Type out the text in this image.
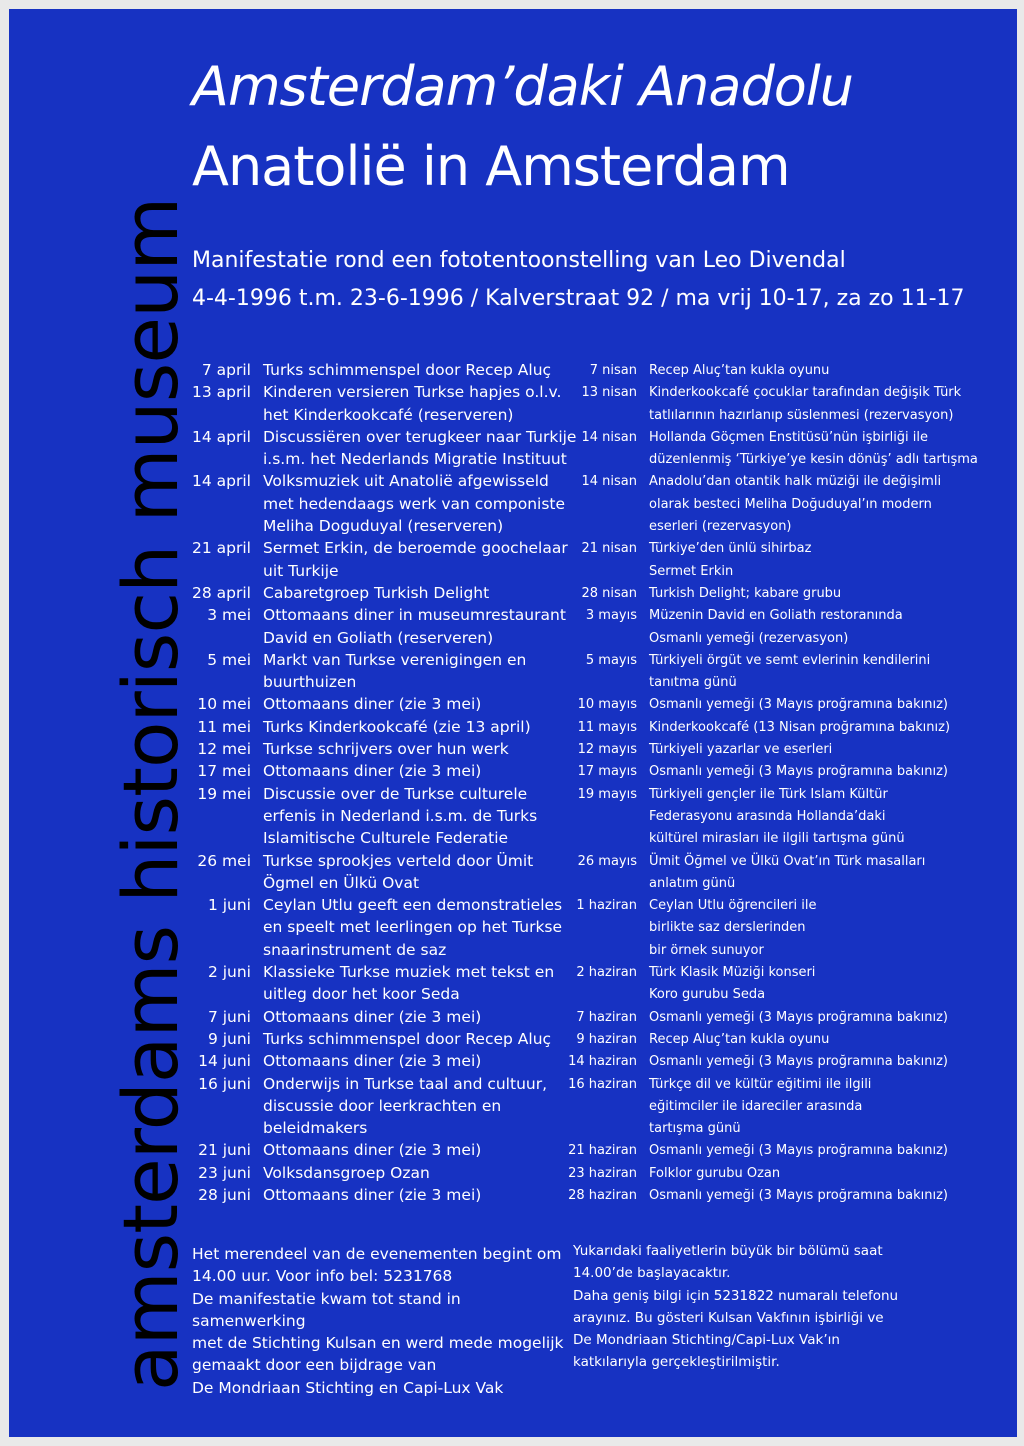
amsterdams historisch museum
Amsterdam’daki Anadolu
Anatolië in Amsterdam
Manifestatie rond een fototentoonstelling van Leo Divendal
4-4-1996 t.m. 23-6-1996 / Kalverstraat 92 / ma vrij 10-17, za zo 11-17
7 april Turks schimmenspel door Recep Aluç
13 april Kinderen versieren Turkse hapjes o.l.v.
het Kinderkookcafé (reserveren)
14 april Discussiëren over terugkeer naar Turkije
i.s.m. het Nederlands Migratie Instituut
14 april Volksmuziek uit Anatolië afgewisseld
met hedendaags werk van componiste
Meliha Doguduyal (reserveren)
21 april Sermet Erkin, de beroemde goochelaar
uit Turkije
28 april Cabaretgroep Turkish Delight
3 mei Ottomaans diner in museumrestaurant
David en Goliath (reserveren)
5 mei Markt van Turkse verenigingen en
buurthuizen
10 mei Ottomaans diner (zie 3 mei)
11 mei Turks Kinderkookcafé (zie 13 april)
12 mei Turkse schrijvers over hun werk
17 mei Ottomaans diner (zie 3 mei)
19 mei Discussie over de Turkse culturele
erfenis in Nederland i.s.m. de Turks
Islamitische Culturele Federatie
26 mei Turkse sprookjes verteld door Ümit
Ögmel en Ülkü Ovat
1 juni Ceylan Utlu geeft een demonstratieles
en speelt met leerlingen op het Turkse
snaarinstrument de saz
2 juni Klassieke Turkse muziek met tekst en
uitleg door het koor Seda
7 juni Ottomaans diner (zie 3 mei)
9 juni Turks schimmenspel door Recep Aluç
14 juni Ottomaans diner (zie 3 mei)
16 juni Onderwijs in Turkse taal and cultuur,
discussie door leerkrachten en
beleidmakers
21 juni Ottomaans diner (zie 3 mei)
23 juni Volksdansgroep Ozan
28 juni Ottomaans diner (zie 3 mei)
7 nisan Recep Aluç’tan kukla oyunu
13 nisan Kinderkookcafé çocuklar tarafından değişik Türk
tatlılarının hazırlanıp süslenmesi (rezervasyon)
14 nisan Hollanda Göçmen Enstitüsü’nün işbirliği ile
düzenlenmiş ‘Türkiye’ye kesin dönüş’ adlı tartışma
14 nisan Anadolu’dan otantik halk müziği ile değişimli
olarak besteci Meliha Doğuduyal’ın modern
eserleri (rezervasyon)
21 nisan Türkiye’den ünlü sihirbaz
Sermet Erkin
28 nisan Turkish Delight; kabare grubu
3 mayıs Müzenin David en Goliath restoranında
Osmanlı yemeği (rezervasyon)
5 mayıs Türkiyeli örgüt ve semt evlerinin kendilerini
tanıtma günü
10 mayıs Osmanlı yemeği (3 Mayıs proğramına bakınız)
11 mayıs Kinderkookcafé (13 Nisan proğramına bakınız)
12 mayıs Türkiyeli yazarlar ve eserleri
17 mayıs Osmanlı yemeği (3 Mayıs proğramına bakınız)
19 mayıs Türkiyeli gençler ile Türk Islam Kültür
Federasyonu arasında Hollanda’daki
kültürel mirasları ile ilgili tartışma günü
26 mayıs Ümit Öğmel ve Ülkü Ovat’ın Türk masalları
anlatım günü
1 haziran Ceylan Utlu öğrencileri ile
birlikte saz derslerinden
bir örnek sunuyor
2 haziran Türk Klasik Müziği konseri
Koro gurubu Seda
7 haziran Osmanlı yemeği (3 Mayıs proğramına bakınız)
9 haziran Recep Aluç’tan kukla oyunu
14 haziran Osmanlı yemeği (3 Mayıs proğramına bakınız)
16 haziran Türkçe dil ve kültür eğitimi ile ilgili
eğitimciler ile idareciler arasında
tartışma günü
21 haziran Osmanlı yemeği (3 Mayıs proğramına bakınız)
23 haziran Folklor gurubu Ozan
28 haziran Osmanlı yemeği (3 Mayıs proğramına bakınız)
Het merendeel van de evenementen begint om
14.00 uur. Voor info bel: 5231768
De manifestatie kwam tot stand in samenwerking
met de Stichting Kulsan en werd mede mogelijk
gemaakt door een bijdrage van
De Mondriaan Stichting en Capi-Lux Vak
Yukarıdaki faaliyetlerin büyük bir bölümü saat
14.00’de başlayacaktır.
Daha geniş bilgi için 5231822 numaralı telefonu
arayınız. Bu gösteri Kulsan Vakfının işbirliği ve
De Mondriaan Stichting/Capi-Lux Vak’ın
katkılarıyla gerçekleştirilmiştir.
